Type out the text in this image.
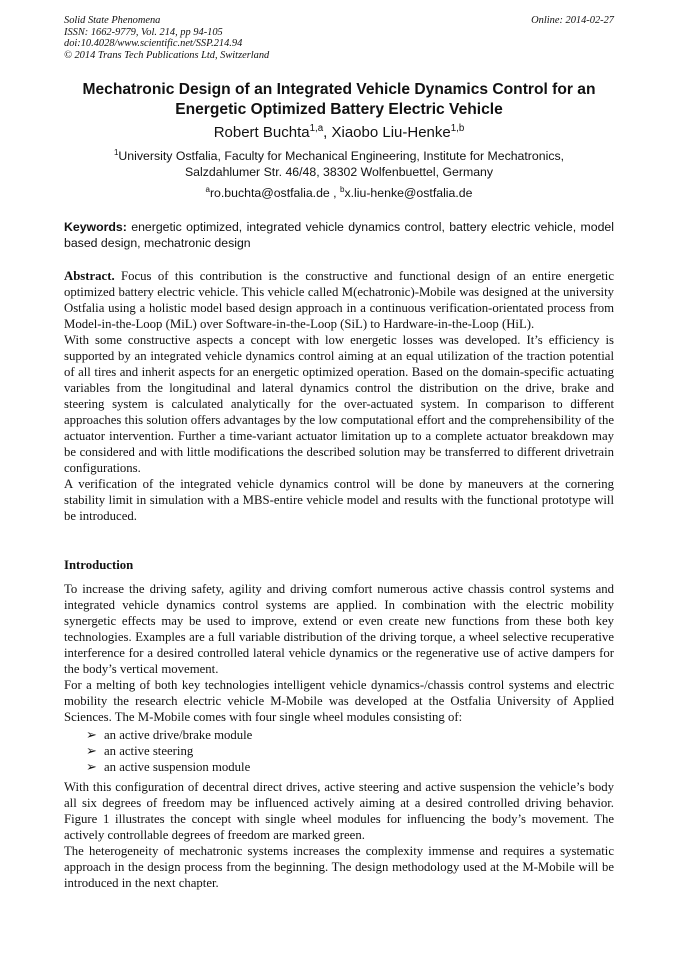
Solid State Phenomena
ISSN: 1662-9779, Vol. 214, pp 94-105
doi:10.4028/www.scientific.net/SSP.214.94
© 2014 Trans Tech Publications Ltd, Switzerland
Online: 2014-02-27
Mechatronic Design of an Integrated Vehicle Dynamics Control for an
Energetic Optimized Battery Electric Vehicle
Robert Buchta$^{1,a}$, Xiaobo Liu-Henke$^{1,b}$
$^1$University Ostfalia, Faculty for Mechanical Engineering, Institute for Mechatronics,
Salzdahlumer Str. 46/48, 38302 Wolfenbuettel, Germany
$^a$ro.buchta@ostfalia.de , $^b$x.liu-henke@ostfalia.de
Keywords: energetic optimized, integrated vehicle dynamics control, battery electric vehicle, model based design, mechatronic design

Abstract. Focus of this contribution is the constructive and functional design of an entire energetic optimized battery electric vehicle. This vehicle called M(echatronic)-Mobile was designed at the university Ostfalia using a holistic model based design approach in a continuous verification-orientated process from Model-in-the-Loop (MiL) over Software-in-the-Loop (SiL) to Hardware-in-the-Loop (HiL).

With some constructive aspects a concept with low energetic losses was developed. It’s efficiency is supported by an integrated vehicle dynamics control aiming at an equal utilization of the traction potential of all tires and inherit aspects for an energetic optimized operation. Based on the domain-specific actuating variables from the longitudinal and lateral dynamics control the distribution on the drive, brake and steering system is calculated analytically for the over-actuated system. In comparison to different approaches this solution offers advantages by the low computational effort and the comprehensibility of the actuator intervention. Further a time-variant actuator limitation up to a complete actuator breakdown may be considered and with little modifications the described solution may be transferred to different drivetrain configurations.

A verification of the integrated vehicle dynamics control will be done by maneuvers at the cornering stability limit in simulation with a MBS-entire vehicle model and results with the functional prototype will be introduced.

Introduction

To increase the driving safety, agility and driving comfort numerous active chassis control systems and integrated vehicle dynamics control systems are applied. In combination with the electric mobility synergetic effects may be used to improve, extend or even create new functions from these both key technologies. Examples are a full variable distribution of the driving torque, a wheel selective recuperative interference for a desired controlled lateral vehicle dynamics or the regenerative use of active dampers for the body’s vertical movement.

For a melting of both key technologies intelligent vehicle dynamics-/chassis control systems and electric mobility the research electric vehicle M-Mobile was developed at the Ostfalia University of Applied Sciences. The M-Mobile comes with four single wheel modules consisting of:

➢ an active drive/brake module
➢ an active steering
➢ an active suspension module

With this configuration of decentral direct drives, active steering and active suspension the vehicle’s body all six degrees of freedom may be influenced actively aiming at a desired controlled driving behavior. Figure 1 illustrates the concept with single wheel modules for influencing the body’s movement. The actively controllable degrees of freedom are marked green.

The heterogeneity of mechatronic systems increases the complexity immense and requires a systematic approach in the design process from the beginning. The design methodology used at the M-Mobile will be introduced in the next chapter.
